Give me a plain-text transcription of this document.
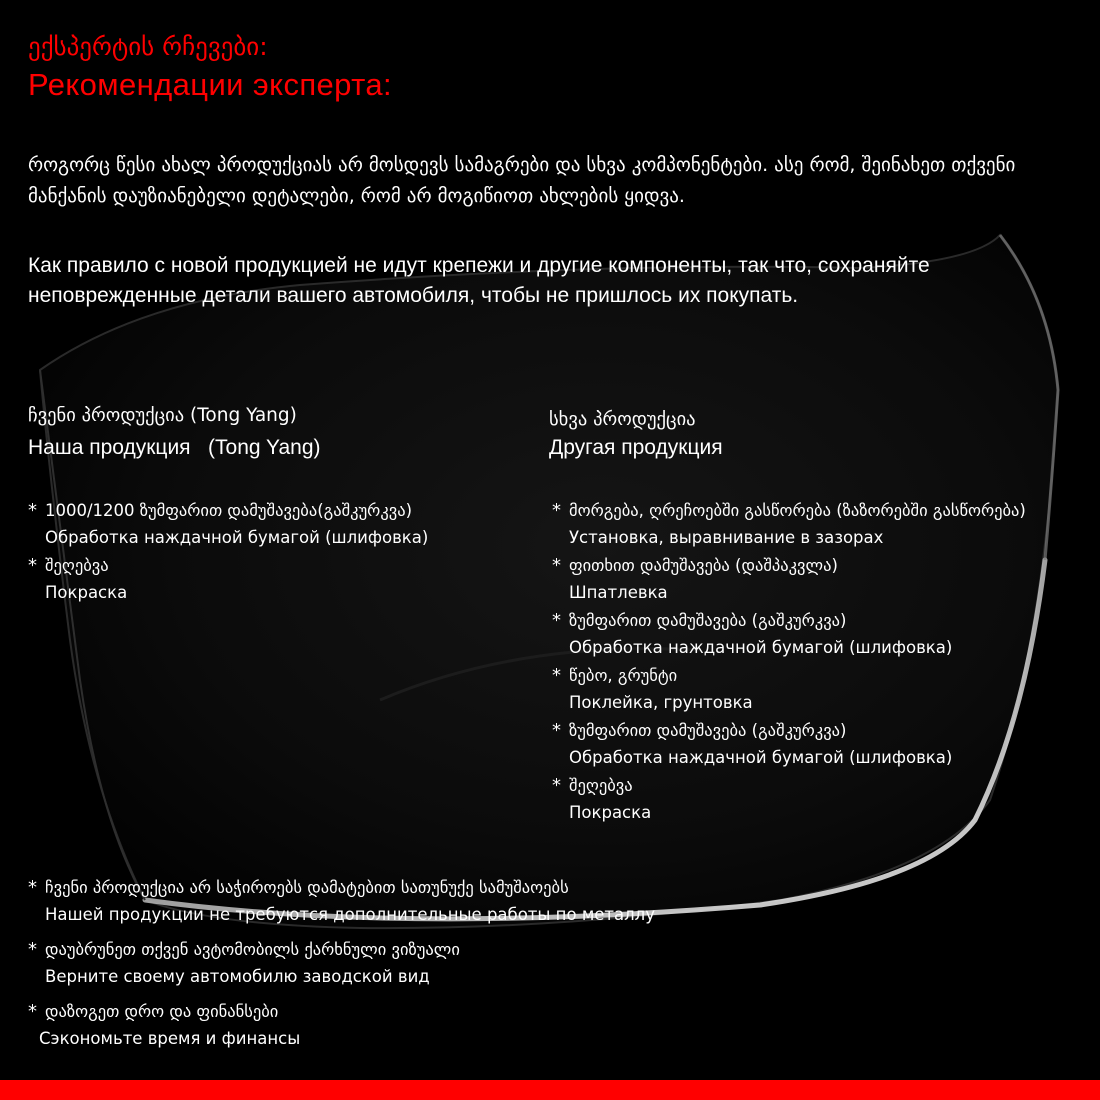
ექსპერტის რჩევები:
Рекомендации эксперта:
როგორც წესი ახალ პროდუქციას არ მოსდევს სამაგრები და სხვა კომპონენტები. ასე რომ, შეინახეთ თქვენი მანქანის დაუზიანებელი დეტალები, რომ არ მოგიწიოთ ახლების ყიდვა.
Как правило с новой продукцией не идут крепежи и другие компоненты, так что, сохраняйте неповрежденные детали вашего автомобиля, чтобы не пришлось их покупать.
ჩვენი პროდუქცია (Tong Yang)
Наша продукция   (Tong Yang)
* 1000/1200 ზუმფარით დამუშავება(გაშკურკვა)
Обработка наждачной бумагой (шлифовка)
* შეღებვა
Покраска
სხვა პროდუქცია
Другая продукция
* მორგება, ღრეჩოებში გასწორება (ზაზორებში გასწორება)
Установка, выравнивание в зазорах
* ფითხით დამუშავება (დაშპაკვლა)
Шпатлевка
* ზუმფარით დამუშავება (გაშკურკვა)
Обработка наждачной бумагой (шлифовка)
* წებო, გრუნტი
Поклейка, грунтовка
* ზუმფარით დამუშავება (გაშკურკვა)
Обработка наждачной бумагой (шлифовка)
* შეღებვა
Покраска
* ჩვენი პროდუქცია არ საჭიროებს დამატებით სათუნუქე სამუშაოებს
Нашей продукции не требуются дополнительные работы по металлу
* დაუბრუნეთ თქვენ ავტომობილს ქარხნული ვიზუალი
Верните своему автомобилю заводской вид
* დაზოგეთ დრო და ფინანსები
Сэкономьте время и финансы
